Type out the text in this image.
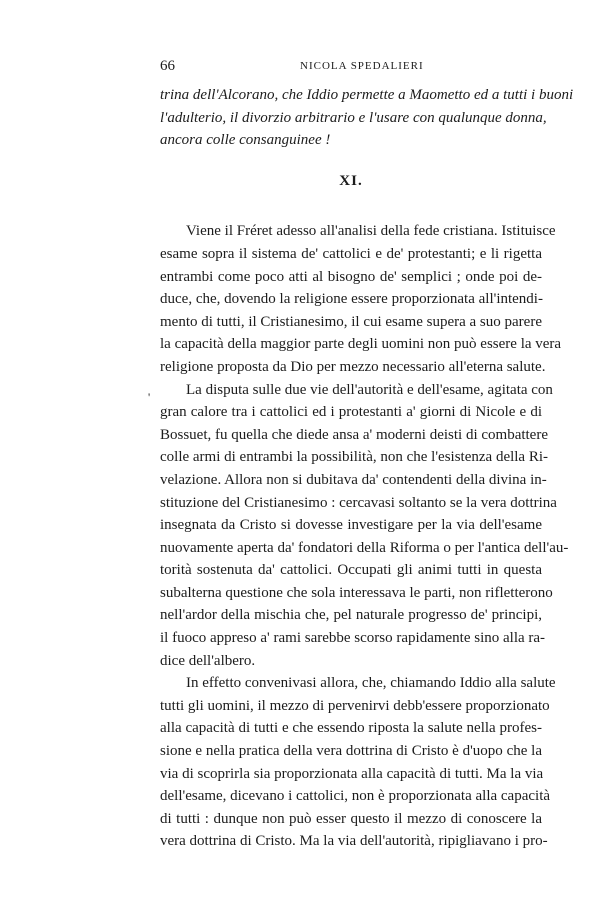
66	NICOLA SPEDALIERI
'
trina dell'Alcorano, che Iddio permette a Maometto ed a tutti i buoni
l'adulterio, il divorzio arbitrario e l'usare con qualunque donna,
ancora colle consanguinee !
XI.
Viene il Fréret adesso all'analisi della fede cristiana. Istituisce
esame sopra il sistema de' cattolici e de' protestanti; e li rigetta
entrambi come poco atti al bisogno de' semplici ; onde poi de-
duce, che, dovendo la religione essere proporzionata all'intendi-
mento di tutti, il Cristianesimo, il cui esame supera a suo parere
la capacità della maggior parte degli uomini non può essere la vera
religione proposta da Dio per mezzo necessario all'eterna salute.
La disputa sulle due vie dell'autorità e dell'esame, agitata con
gran calore tra i cattolici ed i protestanti a' giorni di Nicole e di
Bossuet, fu quella che diede ansa a' moderni deisti di combattere
colle armi di entrambi la possibilità, non che l'esistenza della Ri-
velazione. Allora non si dubitava da' contendenti della divina in-
stituzione del Cristianesimo : cercavasi soltanto se la vera dottrina
insegnata da Cristo si dovesse investigare per la via dell'esame
nuovamente aperta da' fondatori della Riforma o per l'antica dell'au-
torità sostenuta da' cattolici. Occupati gli animi tutti in questa
subalterna questione che sola interessava le parti, non rifletterono
nell'ardor della mischia che, pel naturale progresso de' principi,
il fuoco appreso a' rami sarebbe scorso rapidamente sino alla ra-
dice dell'albero.
In effetto convenivasi allora, che, chiamando Iddio alla salute
tutti gli uomini, il mezzo di pervenirvi debb'essere proporzionato
alla capacità di tutti e che essendo riposta la salute nella profes-
sione e nella pratica della vera dottrina di Cristo è d'uopo che la
via di scoprirla sia proporzionata alla capacità di tutti. Ma la via
dell'esame, dicevano i cattolici, non è proporzionata alla capacità
di tutti : dunque non può esser questo il mezzo di conoscere la
vera dottrina di Cristo. Ma la via dell'autorità, ripigliavano i pro-
